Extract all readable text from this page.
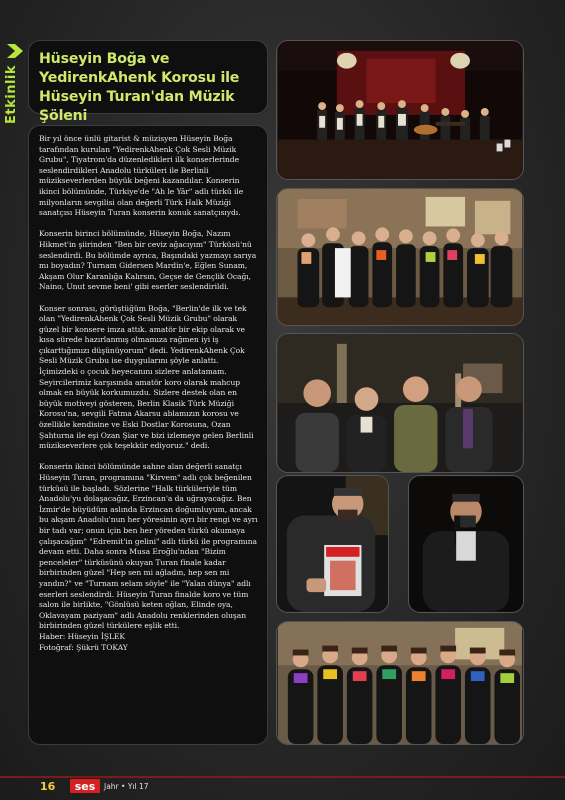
Etkinlik
Hüseyin Boğa ve YedirenkAhenk Korosu ile Hüseyin Turan'dan Müzik Şöleni

Bir yıl önce ünlü gitarist & müzisyen Hüseyin Boğa tarafından kurulan "YedirenkAhenk Çok Sesli Müzik Grubu", Tiyatrom'da düzenledikleri ilk konserlerinde seslendirdikleri Anadolu türküleri ile Berlinli müzikseverlerden büyük beğeni kazandılar. Konserin ikinci bölümünde, Türkiye'de "Ah le Yâr" adlı türkü ile milyonların sevgilisi olan değerli Türk Halk Müziği sanatçısı Hüseyin Turan konserin konuk sanatçısıydı.

Konserin birinci bölümünde, Hüseyin Boğa, Nazım Hikmet'in şiirinden "Ben bir ceviz ağacıyım" Türküsü'nü seslendirdi. Bu bölümde ayrıca, Başındaki yazmayı sarıya mı boyadın? Turnam Gidersen Mardin'e, Eğlen Sunam, Akşam Olur Karanlığa Kalırsın, Geçse de Gençlik Ocağı, Naino, Unut sevme beni' gibi eserler seslendirildi.

Konser sonrası, görüştüğüm Boğa, "Berlin'de ilk ve tek olan "YedirenkAhenk Çok Sesli Müzik Grubu" olarak güzel bir konsere imza attık. amatör bir ekip olarak ve kısa sürede hazırlanmış olmamıza rağmen iyi iş çıkarttığımızı düşünüyorum" dedi. YedirenkAhenk Çok Sesli Müzik Grubu ise duygularını şöyle anlattı. İçimizdeki o çocuk heyecanını sizlere anlatamam. Seyircilerimiz karşısında amatör koro olarak mahcup olmak en büyük korkumuzdu. Sizlere destek olan en büyük motiveyi gösteren, Berlin Klasik Türk Müziği Korosu'na, sevgili Fatma Akarsu ablamızın korosu ve özellikle kendisine ve Eski Dostlar Korosuna, Ozan Şahturna ile eşi Ozan Şiar ve bizi izlemeye gelen Berlinli müzikseverlere çok teşekkür ediyoruz." dedi.

Konserin ikinci bölümünde sahne alan değerli sanatçı Hüseyin Turan, programına "Kirvem" adlı çok beğenilen türküsü ile başladı. Sözlerine "Halk türküleriyle tüm Anadolu'yu dolaşacağız, Erzincan'a da uğrayacağız. Ben İzmir'de büyüdüm aslında Erzincan doğumluyum, ancak bu akşam Anadolu'nun her yöresinin ayrı bir rengi ve ayrı bir tadı var; onun için ben her yöreden türkü okumaya çalışacağım" "Edremit'in gelini" adlı türkü ile programına devam etti. Daha sonra Musa Eroğlu'ndan "Bizim penceleler" türküsünü okuyan Turan finale kadar birbirinden güzel "Hep sen mi ağladın, hep sen mi yandın?" ve "Turnam selam söyle" ile "Yalan dünya" adlı eserleri seslendirdi. Hüseyin Turan finalde koro ve tüm salon ile birlikte, "Gönlüsü keten oğlan, Elinde oya, Oklavayam paziyam" adlı Anadolu renklerinden oluşan birbirinden güzel türkülere eşlik etti.

Haber: Hüseyin İŞLEK

Fotoğraf: Şükrü TOKAY

16 ses Jahr • Yıl 17
